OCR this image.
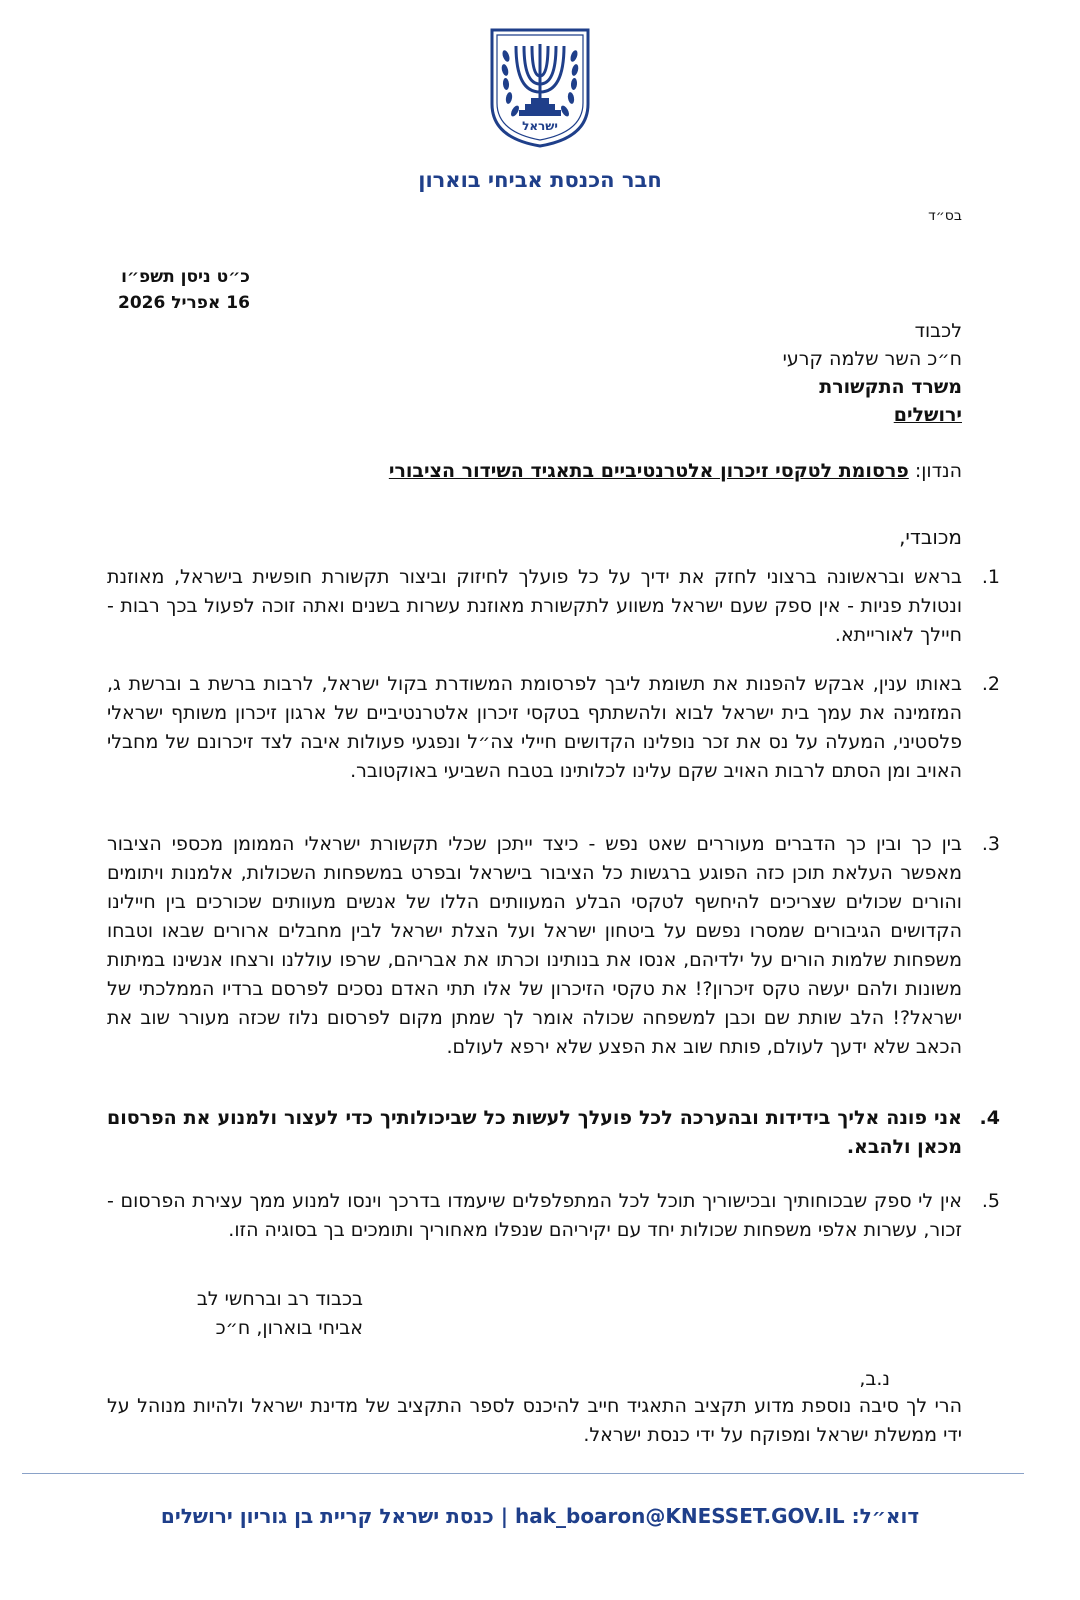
ישראל
חבר הכנסת אביחי בוארון
בס״ד
כ״ט ניסן תשפ״ו
16 אפריל 2026
לכבוד
ח״כ השר שלמה קרעי
משרד התקשורת
ירושלים
הנדון: פרסומת לטקסי זיכרון אלטרנטיביים בתאגיד השידור הציבורי
מכובדי,
1.
בראש ובראשונה ברצוני לחזק את ידיך על כל פועלך לחיזוק וביצור תקשורת חופשית בישראל, מאוזנת ונטולת פניות - אין ספק שעם ישראל משווע לתקשורת מאוזנת עשרות בשנים ואתה זוכה לפעול בכך רבות - חיילך לאורייתא.
2.
באותו ענין, אבקש להפנות את תשומת ליבך לפרסומת המשודרת בקול ישראל, לרבות ברשת ב וברשת ג, המזמינה את עמך בית ישראל לבוא ולהשתתף בטקסי זיכרון אלטרנטיביים של ארגון זיכרון משותף ישראלי פלסטיני, המעלה על נס את זכר נופלינו הקדושים חיילי צה״ל ונפגעי פעולות איבה לצד זיכרונם של מחבלי האויב ומן הסתם לרבות האויב שקם עלינו לכלותינו בטבח השביעי באוקטובר.
3.
בין כך ובין כך הדברים מעוררים שאט נפש - כיצד ייתכן שכלי תקשורת ישראלי הממומן מכספי הציבור מאפשר העלאת תוכן כזה הפוגע ברגשות כל הציבור בישראל ובפרט במשפחות השכולות, אלמנות ויתומים והורים שכולים שצריכים להיחשף לטקסי הבלע המעוותים הללו של אנשים מעוותים שכורכים בין חיילינו הקדושים הגיבורים שמסרו נפשם על ביטחון ישראל ועל הצלת ישראל לבין מחבלים ארורים שבאו וטבחו משפחות שלמות הורים על ילדיהם, אנסו את בנותינו וכרתו את אבריהם, שרפו עוללנו ורצחו אנשינו במיתות משונות ולהם יעשה טקס זיכרון?! את טקסי הזיכרון של אלו תתי האדם נסכים לפרסם ברדיו הממלכתי של ישראל?! הלב שותת שם וכבן למשפחה שכולה אומר לך שמתן מקום לפרסום נלוז שכזה מעורר שוב את הכאב שלא ידעך לעולם, פותח שוב את הפצע שלא ירפא לעולם.
4.
אני פונה אליך בידידות ובהערכה לכל פועלך לעשות כל שביכולותיך כדי לעצור ולמנוע את הפרסום מכאן ולהבא.
5.
אין לי ספק שבכוחותיך ובכישוריך תוכל לכל המתפלפלים שיעמדו בדרכך וינסו למנוע ממך עצירת הפרסום - זכור, עשרות אלפי משפחות שכולות יחד עם יקיריהם שנפלו מאחוריך ותומכים בך בסוגיה הזו.
בכבוד רב וברחשי לב
אביחי בוארון, ח״כ
נ.ב,
הרי לך סיבה נוספת מדוע תקציב התאגיד חייב להיכנס לספר התקציב של מדינת ישראל ולהיות מנוהל על ידי ממשלת ישראל ומפוקח על ידי כנסת ישראל.
דוא״ל: hak_boaron@KNESSET.GOV.IL | כנסת ישראל קריית בן גוריון ירושלים
